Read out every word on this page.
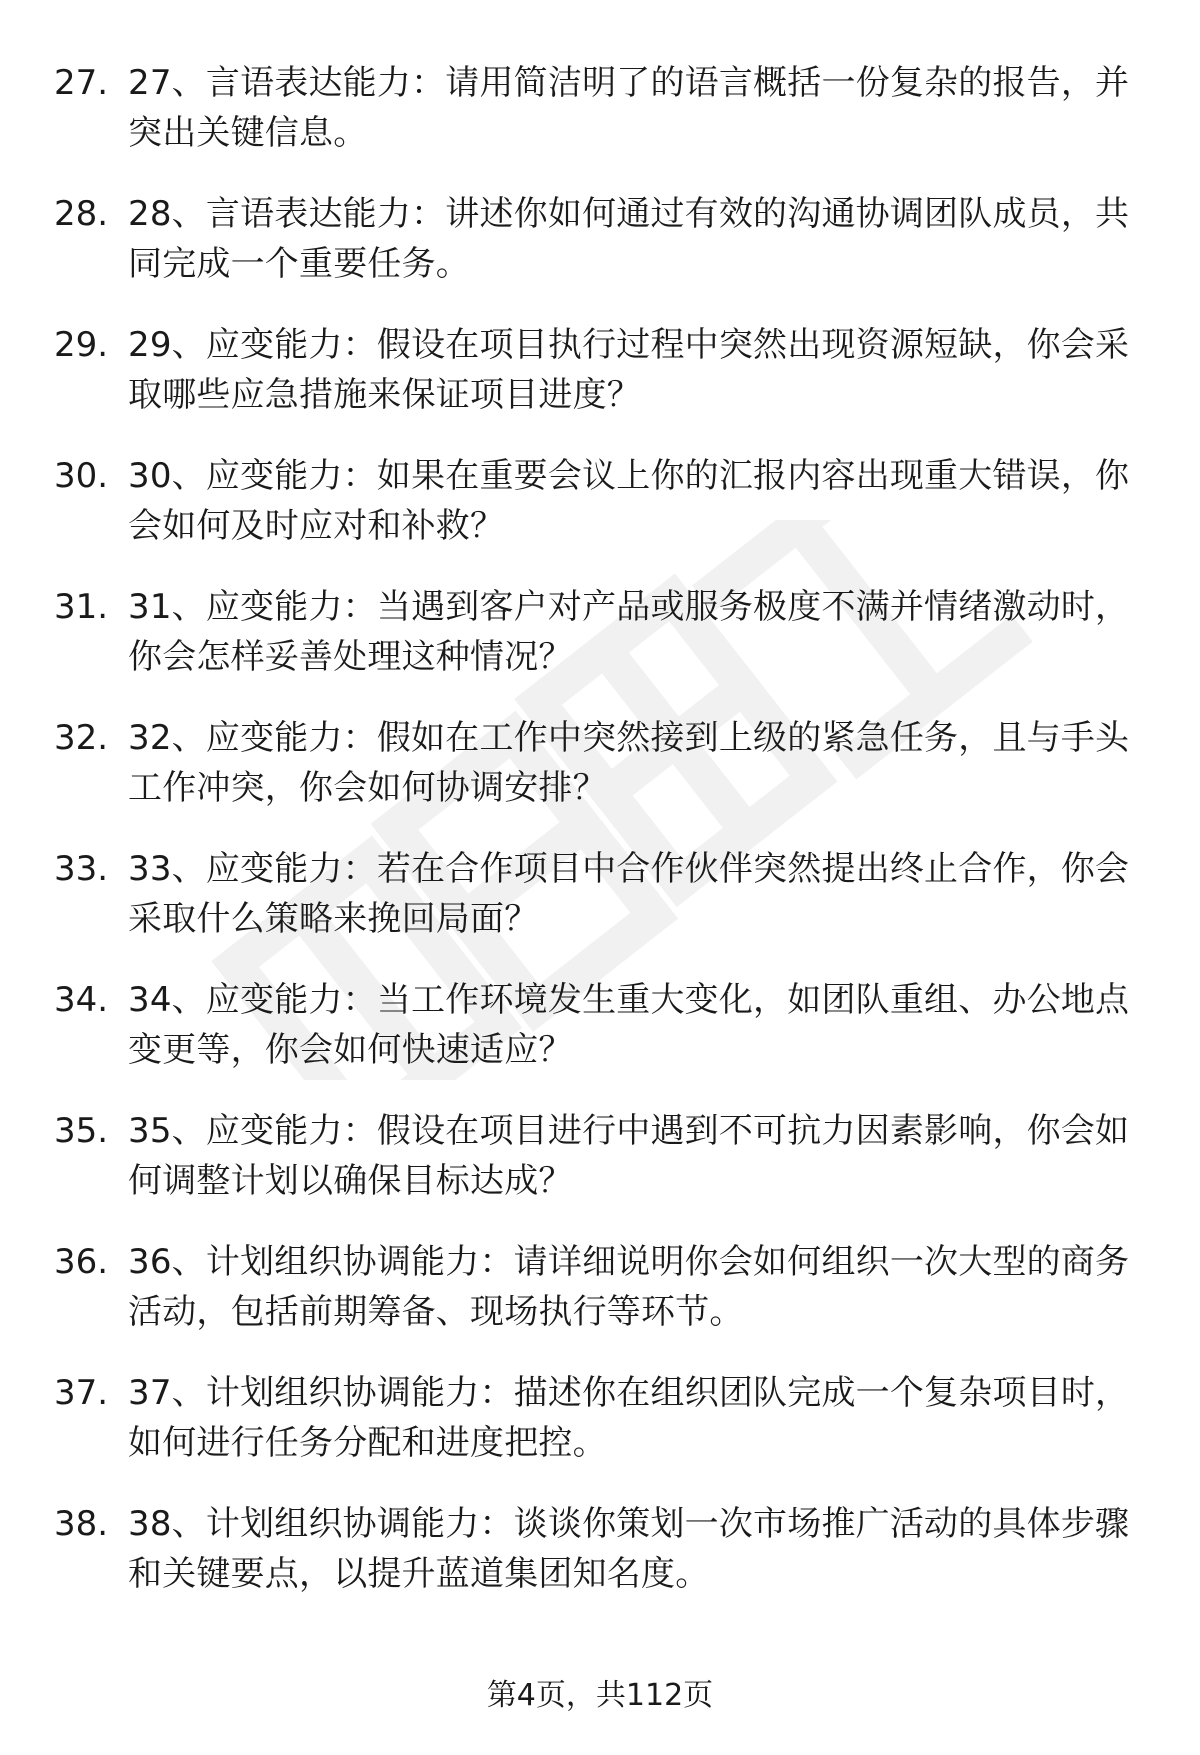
27. 27、言语表达能力：请用简洁明了的语言概括一份复杂的报告，并突出关键信息。
28. 28、言语表达能力：讲述你如何通过有效的沟通协调团队成员，共同完成一个重要任务。
29. 29、应变能力：假设在项目执行过程中突然出现资源短缺，你会采取哪些应急措施来保证项目进度？
30. 30、应变能力：如果在重要会议上你的汇报内容出现重大错误，你会如何及时应对和补救？
31. 31、应变能力：当遇到客户对产品或服务极度不满并情绪激动时，你会怎样妥善处理这种情况？
32. 32、应变能力：假如在工作中突然接到上级的紧急任务，且与手头工作冲突，你会如何协调安排？
33. 33、应变能力：若在合作项目中合作伙伴突然提出终止合作，你会采取什么策略来挽回局面？
34. 34、应变能力：当工作环境发生重大变化，如团队重组、办公地点变更等，你会如何快速适应？
35. 35、应变能力：假设在项目进行中遇到不可抗力因素影响，你会如何调整计划以确保目标达成？
36. 36、计划组织协调能力：请详细说明你会如何组织一次大型的商务活动，包括前期筹备、现场执行等环节。
37. 37、计划组织协调能力：描述你在组织团队完成一个复杂项目时，如何进行任务分配和进度把控。
38. 38、计划组织协调能力：谈谈你策划一次市场推广活动的具体步骤和关键要点，以提升蓝道集团知名度。
第4页，共112页
